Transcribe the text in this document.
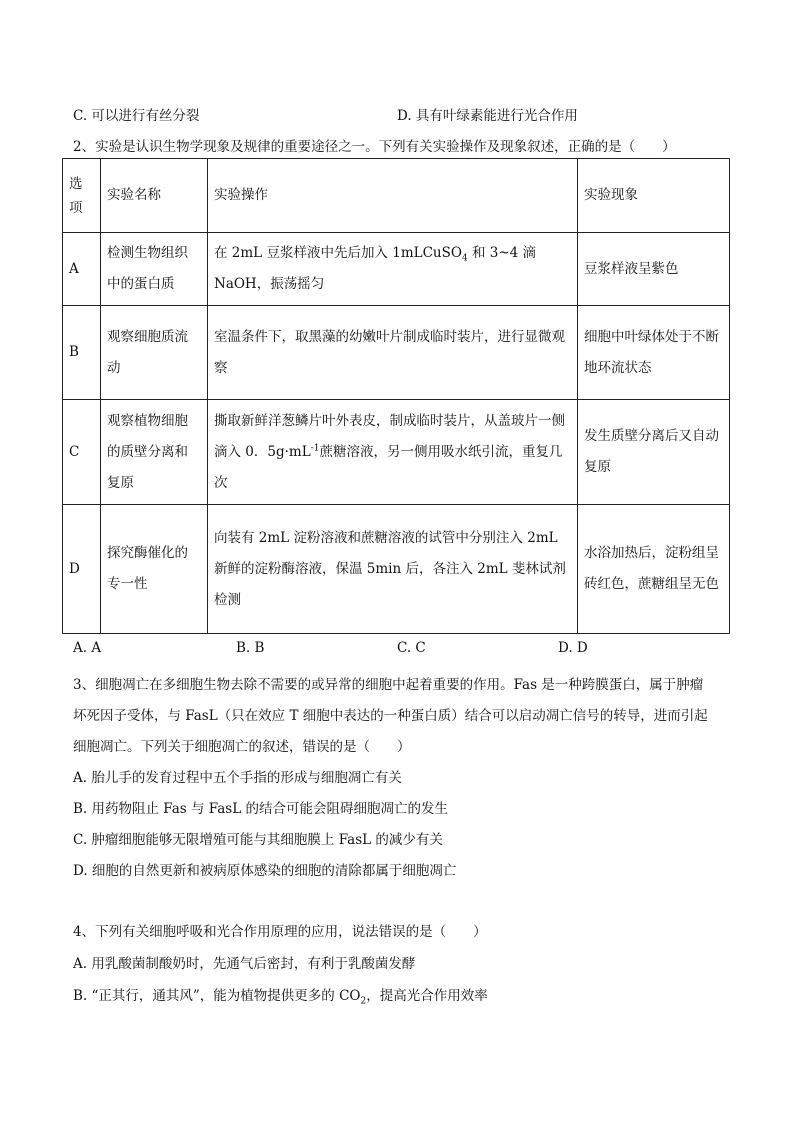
C. 可以进行有丝分裂	D. 具有叶绿素能进行光合作用
2、实验是认识生物学现象及规律的重要途径之一。下列有关实验操作及现象叙述，正确的是（　　）
选项	实验名称	实验操作	实验现象
A	检测生物组织中的蛋白质	在 2mL 豆浆样液中先后加入 1mLCuSO$_4$ 和 3~4 滴 NaOH，振荡摇匀	豆浆样液呈紫色
B	观察细胞质流动	室温条件下，取黑藻的幼嫩叶片制成临时装片，进行显微观察	细胞中叶绿体处于不断地环流状态
C	观察植物细胞的质壁分离和复原	撕取新鲜洋葱鳞片叶外表皮，制成临时装片，从盖玻片一侧滴入 0．$5g\cdot mL^{-1}$蔗糖溶液，另一侧用吸水纸引流，重复几次	发生质壁分离后又自动复原
D	探究酶催化的专一性	向装有 2mL 淀粉溶液和蔗糖溶液的试管中分别注入 2mL 新鲜的淀粉酶溶液，保温 5min 后，各注入 2mL 斐林试剂检测	水浴加热后，淀粉组呈砖红色，蔗糖组呈无色
A. A	B. B	C. C	D. D
3、细胞凋亡在多细胞生物去除不需要的或异常的细胞中起着重要的作用。Fas 是一种跨膜蛋白，属于肿瘤
坏死因子受体，与 FasL（只在效应 T 细胞中表达的一种蛋白质）结合可以启动凋亡信号的转导，进而引起
细胞凋亡。下列关于细胞凋亡的叙述，错误的是（　　）
A. 胎儿手的发育过程中五个手指的形成与细胞凋亡有关
B. 用药物阻止 Fas 与 FasL 的结合可能会阻碍细胞凋亡的发生
C. 肿瘤细胞能够无限增殖可能与其细胞膜上 FasL 的减少有关
D. 细胞的自然更新和被病原体感染的细胞的清除都属于细胞凋亡
4、下列有关细胞呼吸和光合作用原理的应用，说法错误的是（　　）
A. 用乳酸菌制酸奶时，先通气后密封，有利于乳酸菌发酵
B. “正其行，通其风”，能为植物提供更多的 $CO_2$，提高光合作用效率
